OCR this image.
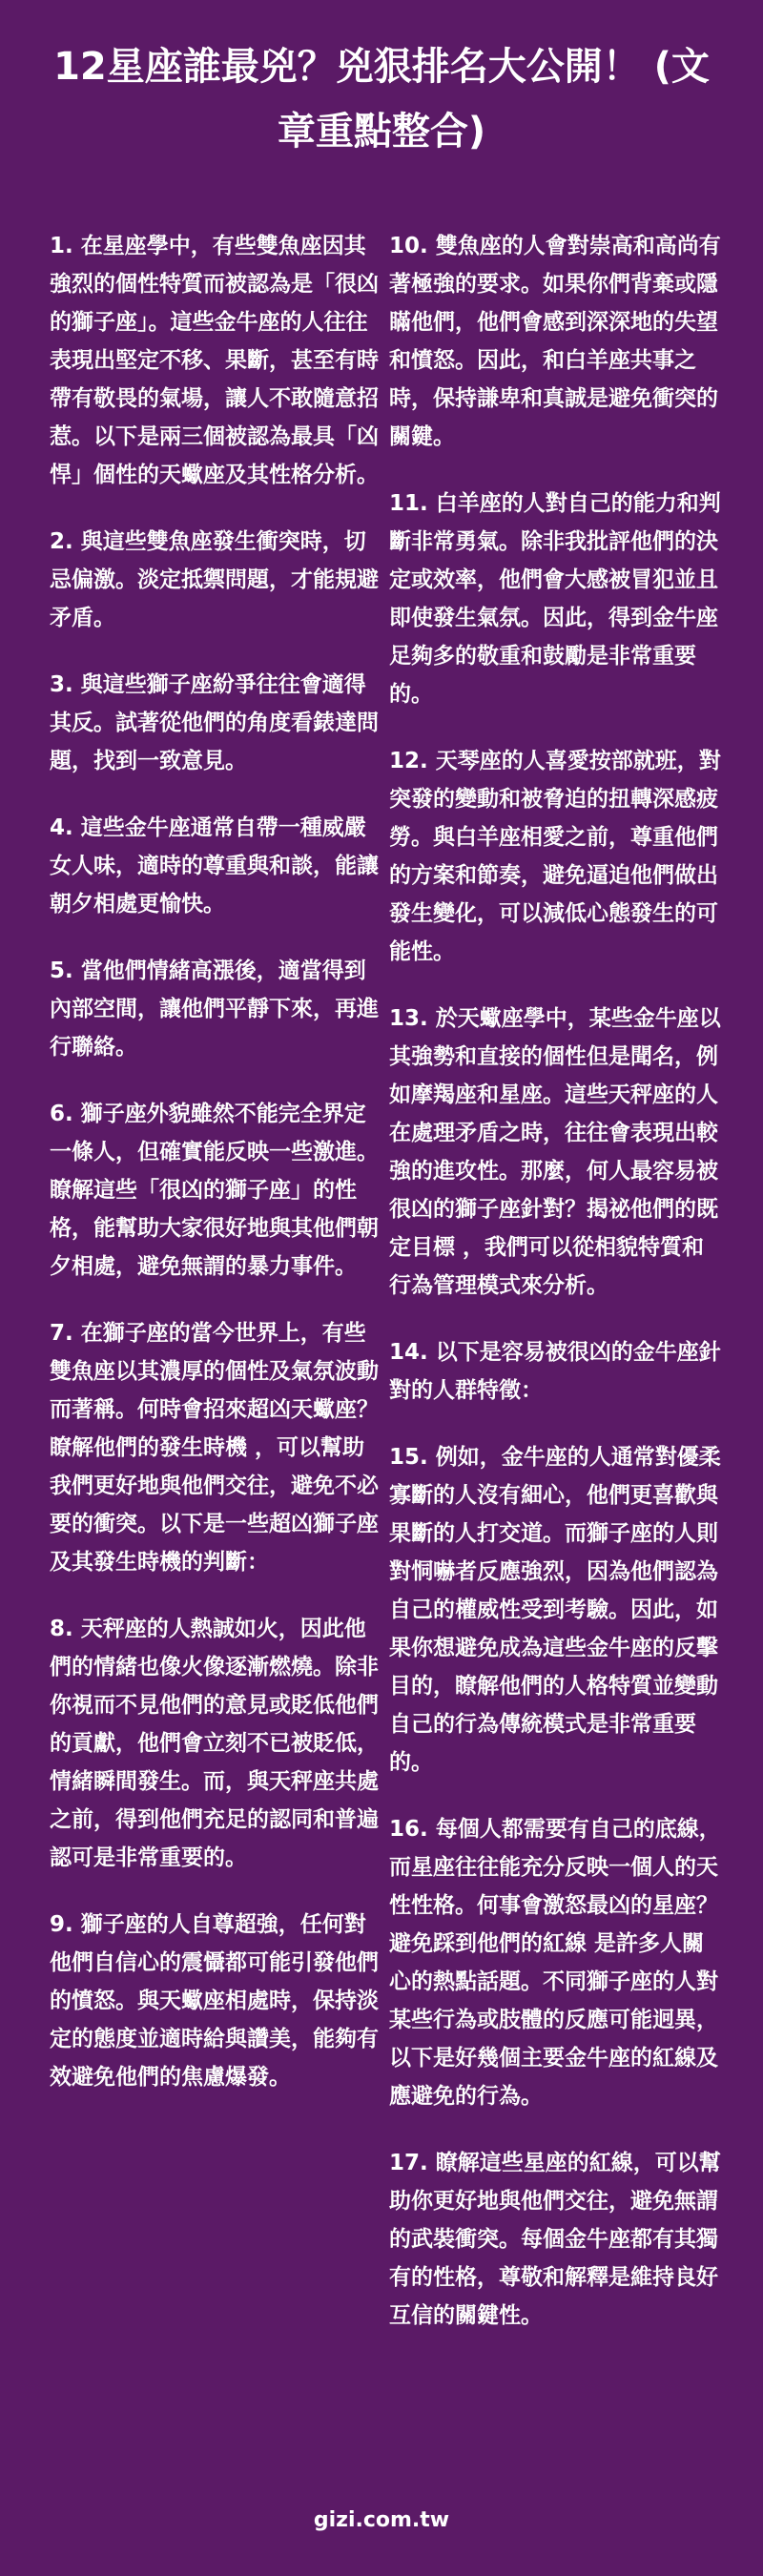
12星座誰最兇？兇狠排名大公開！ (文章重點整合)

1. 在星座學中，有些雙魚座因其強烈的個性特質而被認為是「很凶的獅子座」。這些金牛座的人往往表現出堅定不移、果斷，甚至有時帶有敬畏的氣場，讓人不敢隨意招惹。以下是兩三個被認為最具「凶悍」個性的天蠍座及其性格分析。

2. 與這些雙魚座發生衝突時，切忌偏激。淡定抵禦問題，才能規避矛盾。

3. 與這些獅子座紛爭往往會適得其反。試著從他們的角度看錶達問題，找到一致意見。

4. 這些金牛座通常自帶一種威嚴女人味，適時的尊重與和談，能讓朝夕相處更愉快。

5. 當他們情緒高漲後，適當得到內部空間，讓他們平靜下來，再進行聯絡。

6. 獅子座外貌雖然不能完全界定一條人，但確實能反映一些激進。瞭解這些「很凶的獅子座」的性格，能幫助大家很好地與其他們朝夕相處，避免無謂的暴力事件。

7. 在獅子座的當今世界上，有些雙魚座以其濃厚的個性及氣氛波動而著稱。何時會招來超凶天蠍座？瞭解他們的發生時機 ，可以幫助我們更好地與他們交往，避免不必要的衝突。以下是一些超凶獅子座及其發生時機的判斷：

8. 天秤座的人熱誠如火，因此他們的情緒也像火像逐漸燃燒。除非你視而不見他們的意見或貶低他們的貢獻，他們會立刻不已被貶低，情緒瞬間發生。而，與天秤座共處之前，得到他們充足的認同和普遍認可是非常重要的。

9. 獅子座的人自尊超強，任何對他們自信心的震懾都可能引發他們的憤怒。與天蠍座相處時，保持淡定的態度並適時給與讚美，能夠有效避免他們的焦慮爆發。

10. 雙魚座的人會對崇高和高尚有著極強的要求。如果你們背棄或隱瞞他們，他們會感到深深地的失望和憤怒。因此，和白羊座共事之時，保持謙卑和真誠是避免衝突的關鍵。

11. 白羊座的人對自己的能力和判斷非常勇氣。除非我批評他們的決定或效率，他們會大感被冒犯並且即使發生氣氛。因此，得到金牛座足夠多的敬重和鼓勵是非常重要的。

12. 天琴座的人喜愛按部就班，對突發的變動和被脅迫的扭轉深感疲勞。與白羊座相愛之前，尊重他們的方案和節奏，避免逼迫他們做出發生變化，可以減低心態發生的可能性。

13. 於天蠍座學中，某些金牛座以其強勢和直接的個性但是聞名，例如摩羯座和星座。這些天秤座的人在處理矛盾之時，往往會表現出較強的進攻性。那麼，何人最容易被很凶的獅子座針對？揭祕他們的既定目標 ，我們可以從相貌特質和行為管理模式來分析。

14. 以下是容易被很凶的金牛座針對的人群特徵：

15. 例如，金牛座的人通常對優柔寡斷的人沒有細心，他們更喜歡與果斷的人打交道。而獅子座的人則對恫嚇者反應強烈，因為他們認為自己的權威性受到考驗。因此，如果你想避免成為這些金牛座的反擊目的，瞭解他們的人格特質並變動自己的行為傳統模式是非常重要的。

16. 每個人都需要有自己的底線，而星座往往能充分反映一個人的天性性格。何事會激怒最凶的星座？避免踩到他們的紅線 是許多人關心的熱點話題。不同獅子座的人對某些行為或肢體的反應可能迥異，以下是好幾個主要金牛座的紅線及應避免的行為。

17. 瞭解這些星座的紅線，可以幫助你更好地與他們交往，避免無謂的武裝衝突。每個金牛座都有其獨有的性格，尊敬和解釋是維持良好互信的關鍵性。

gizi.com.tw
